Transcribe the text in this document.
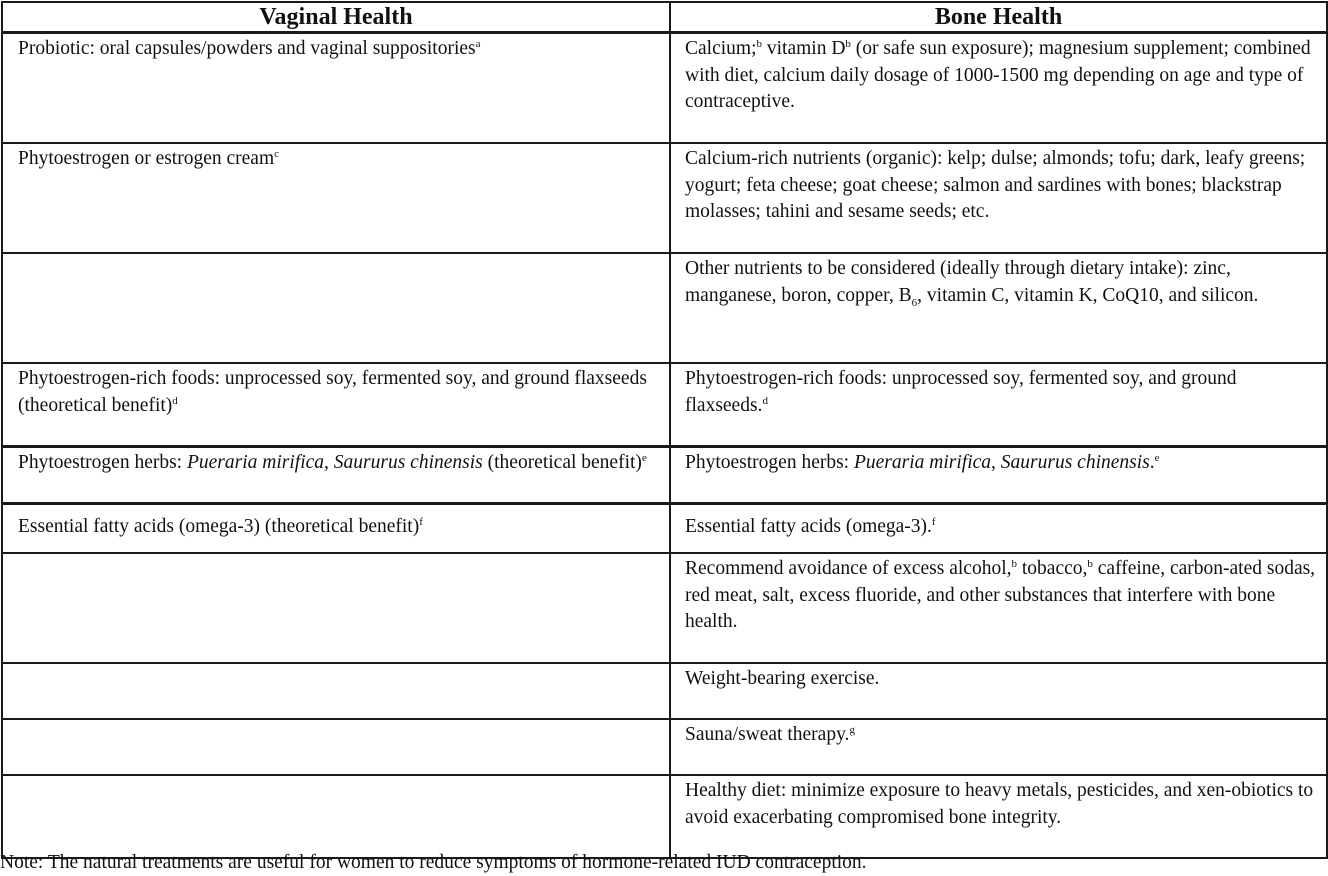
Vaginal Health	Bone Health
Probiotic: oral capsules/powders and vaginal suppositories$^a$	Calcium;$^b$ vitamin $D^b$ (or safe sun exposure); magnesium supplement; combined with diet, calcium daily dosage of 1000-1500 mg depending on age and type of contraceptive.
Phytoestrogen or estrogen cream$^c$	Calcium-rich nutrients (organic): kelp; dulse; almonds; tofu; dark, leafy greens; yogurt; feta cheese; goat cheese; salmon and sardines with bones; blackstrap molasses; tahini and sesame seeds; etc.
	Other nutrients to be considered (ideally through dietary intake): zinc, manganese, boron, copper, $B_6$, vitamin C, vitamin K, CoQ10, and silicon.
Phytoestrogen-rich foods: unprocessed soy, fermented soy, and ground flaxseeds (theoretical benefit)$^d$	Phytoestrogen-rich foods: unprocessed soy, fermented soy, and ground flaxseeds.$^d$
Phytoestrogen herbs: Pueraria mirifica, Saururus chinensis (theoretical benefit)$^e$	Phytoestrogen herbs: Pueraria mirifica, Saururus chinensis.$^e$
Essential fatty acids (omega-3) (theoretical benefit)$^f$	Essential fatty acids (omega-3).$^f$
	Recommend avoidance of excess alcohol,$^b$ tobacco,$^b$ caffeine, carbon-ated sodas, red meat, salt, excess fluoride, and other substances that interfere with bone health.
	Weight-bearing exercise.
	Sauna/sweat therapy.$^g$
	Healthy diet: minimize exposure to heavy metals, pesticides, and xen-obiotics to avoid exacerbating compromised bone integrity.
Note: The natural treatments are useful for women to reduce symptoms of hormone-related IUD contraception.
